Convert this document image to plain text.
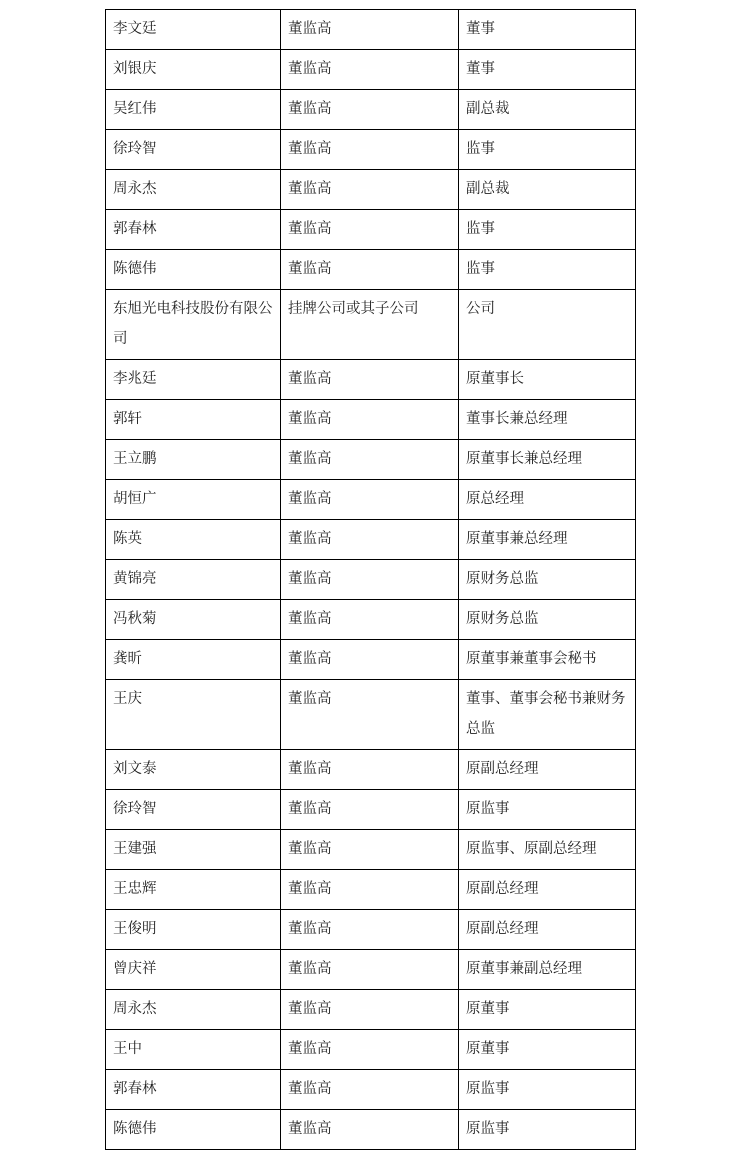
李文廷	董监高	董事
刘银庆	董监高	董事
吴红伟	董监高	副总裁
徐玲智	董监高	监事
周永杰	董监高	副总裁
郭春林	董监高	监事
陈德伟	董监高	监事
东旭光电科技股份有限公司	挂牌公司或其子公司	公司
李兆廷	董监高	原董事长
郭轩	董监高	董事长兼总经理
王立鹏	董监高	原董事长兼总经理
胡恒广	董监高	原总经理
陈英	董监高	原董事兼总经理
黄锦亮	董监高	原财务总监
冯秋菊	董监高	原财务总监
龚昕	董监高	原董事兼董事会秘书
王庆	董监高	董事、董事会秘书兼财务总监
刘文泰	董监高	原副总经理
徐玲智	董监高	原监事
王建强	董监高	原监事、原副总经理
王忠辉	董监高	原副总经理
王俊明	董监高	原副总经理
曾庆祥	董监高	原董事兼副总经理
周永杰	董监高	原董事
王中	董监高	原董事
郭春林	董监高	原监事
陈德伟	董监高	原监事
